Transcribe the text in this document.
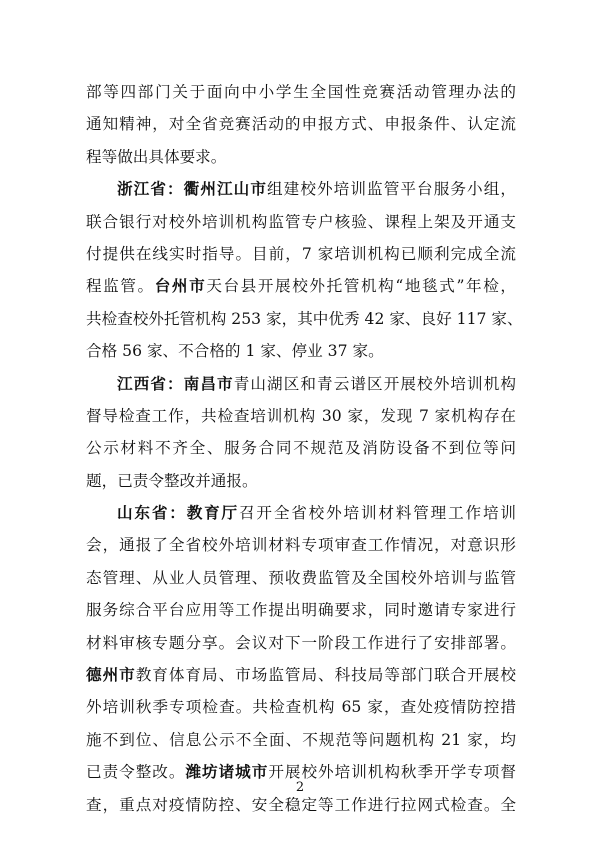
部等四部门关于面向中小学生全国性竞赛活动管理办法的
通知精神，对全省竞赛活动的申报方式、申报条件、认定流
程等做出具体要求。
浙江省：衢州江山市组建校外培训监管平台服务小组，
联合银行对校外培训机构监管专户核验、课程上架及开通支
付提供在线实时指导。目前，7 家培训机构已顺利完成全流
程监管。台州市天台县开展校外托管机构“地毯式”年检，
共检查校外托管机构 253 家，其中优秀 42 家、良好 117 家、
合格 56 家、不合格的 1 家、停业 37 家。
江西省：南昌市青山湖区和青云谱区开展校外培训机构
督导检查工作，共检查培训机构 30 家，发现 7 家机构存在
公示材料不齐全、服务合同不规范及消防设备不到位等问
题，已责令整改并通报。
山东省：教育厅召开全省校外培训材料管理工作培训
会，通报了全省校外培训材料专项审查工作情况，对意识形
态管理、从业人员管理、预收费监管及全国校外培训与监管
服务综合平台应用等工作提出明确要求，同时邀请专家进行
材料审核专题分享。会议对下一阶段工作进行了安排部署。
德州市教育体育局、市场监管局、科技局等部门联合开展校
外培训秋季专项检查。共检查机构 65 家，查处疫情防控措
施不到位、信息公示不全面、不规范等问题机构 21 家，均
已责令整改。潍坊诸城市开展校外培训机构秋季开学专项督
查，重点对疫情防控、安全稳定等工作进行拉网式检查。全
2
